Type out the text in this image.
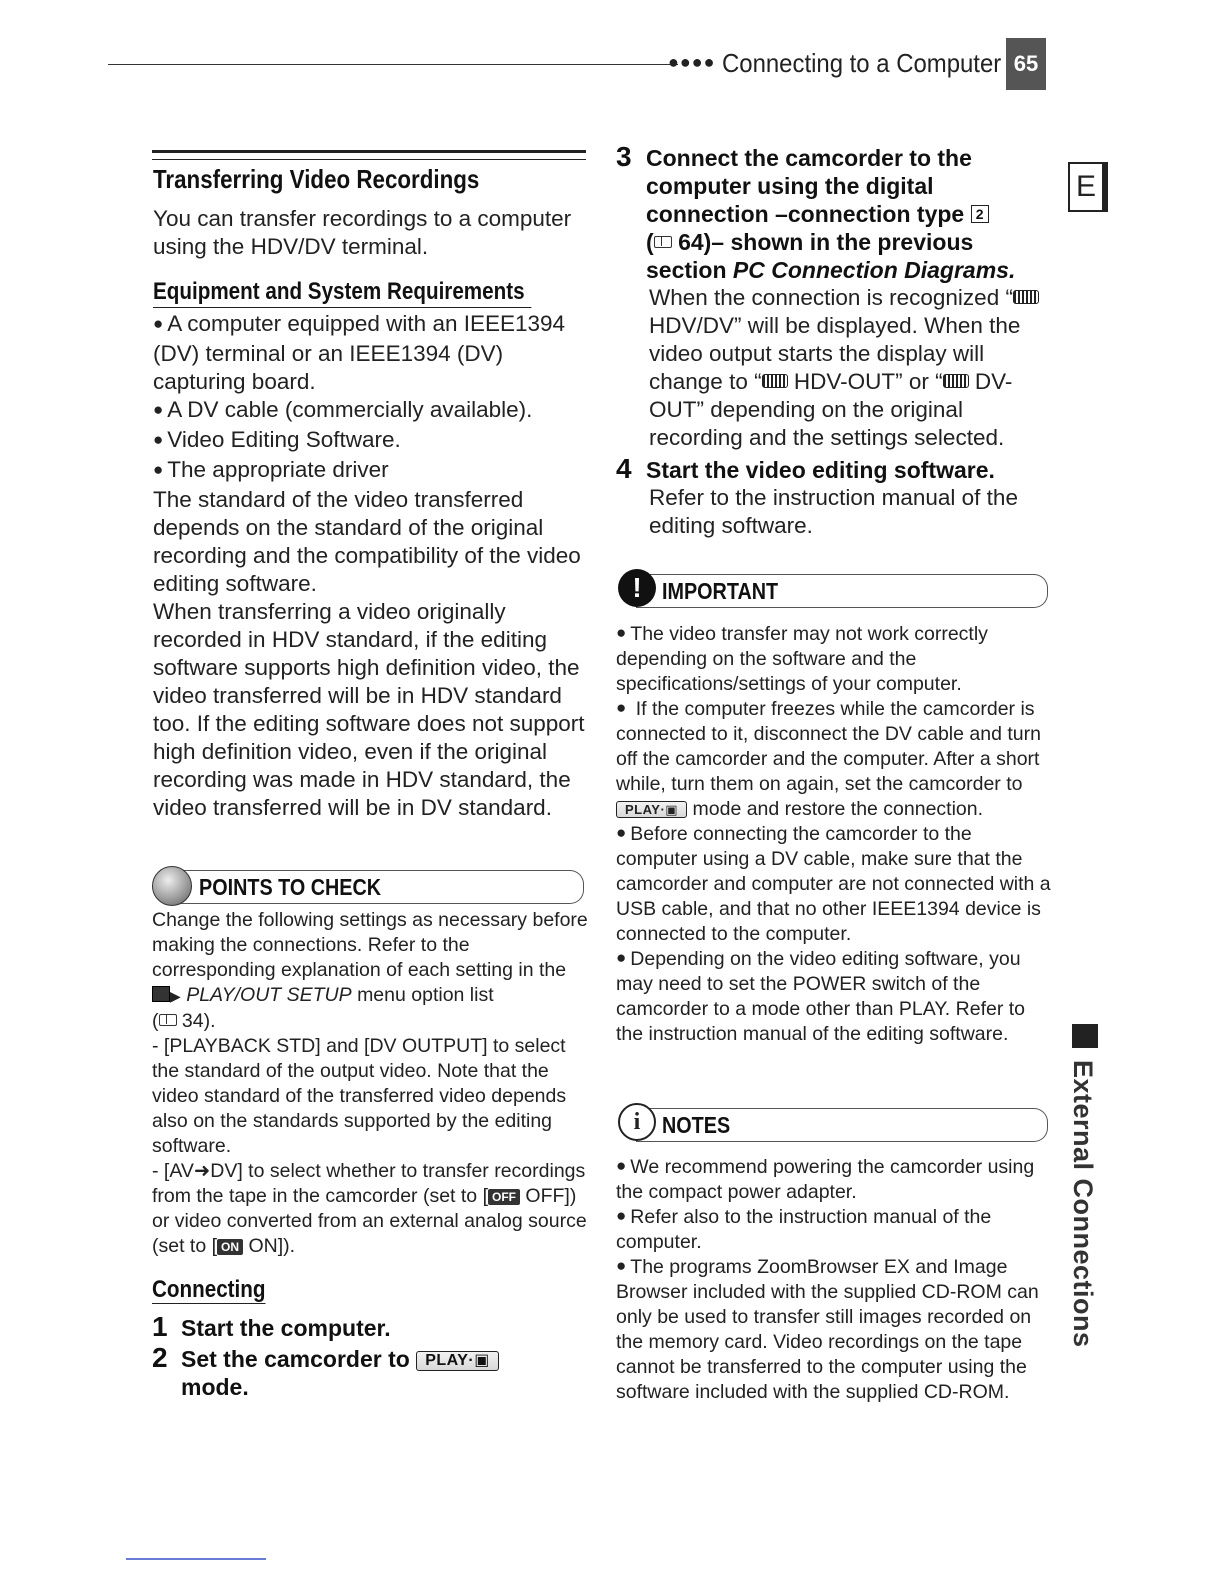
●●●● Connecting to a Computer 65
E
External Connections
Transferring Video Recordings

You can transfer recordings to a computer using the HDV/DV terminal.

Equipment and System Requirements

● A computer equipped with an IEEE1394 (DV) terminal or an IEEE1394 (DV) capturing board.

● A DV cable (commercially available).

● Video Editing Software.

● The appropriate driver

The standard of the video transferred depends on the standard of the original recording and the compatibility of the video editing software.

When transferring a video originally recorded in HDV standard, if the editing software supports high definition video, the video transferred will be in HDV standard too. If the editing software does not support high definition video, even if the original recording was made in HDV standard, the video transferred will be in DV standard.

POINTS TO CHECK

Change the following settings as necessary before making the connections. Refer to the corresponding explanation of each setting in the ▶ PLAY/OUT SETUP menu option list

( 34).

- [PLAYBACK STD] and [DV OUTPUT] to select the standard of the output video. Note that the video standard of the transferred video depends also on the standards supported by the editing software.

- [AV➜DV] to select whether to transfer recordings from the tape in the camcorder (set to [ OFF OFF]) or video converted from an external analog source (set to [ ON ON]).

Connecting
1 Start the computer.
2 Set the camcorder to PLAY·▣
mode.
3 Connect the camcorder to the computer using the digital connection –connection type 2
( 64)– shown in the previous section PC Connection Diagrams.

When the connection is recognized “ HDV/DV” will be displayed. When the video output starts the display will change to “ HDV-OUT” or “ DV-OUT” depending on the original recording and the settings selected.

4 Start the video editing software.

Refer to the instruction manual of the editing software.

! IMPORTANT

● The video transfer may not work correctly depending on the software and the specifications/settings of your computer.

● If the computer freezes while the camcorder is connected to it, disconnect the DV cable and turn off the camcorder and the computer. After a short while, turn them on again, set the camcorder to PLAY·▣ mode and restore the connection.

● Before connecting the camcorder to the computer using a DV cable, make sure that the camcorder and computer are not connected with a USB cable, and that no other IEEE1394 device is connected to the computer.

● Depending on the video editing software, you may need to set the POWER switch of the camcorder to a mode other than PLAY. Refer to the instruction manual of the editing software.

i NOTES

● We recommend powering the camcorder using the compact power adapter.

● Refer also to the instruction manual of the computer.

● The programs ZoomBrowser EX and Image Browser included with the supplied CD-ROM can only be used to transfer still images recorded on the memory card. Video recordings on the tape cannot be transferred to the computer using the software included with the supplied CD-ROM.
